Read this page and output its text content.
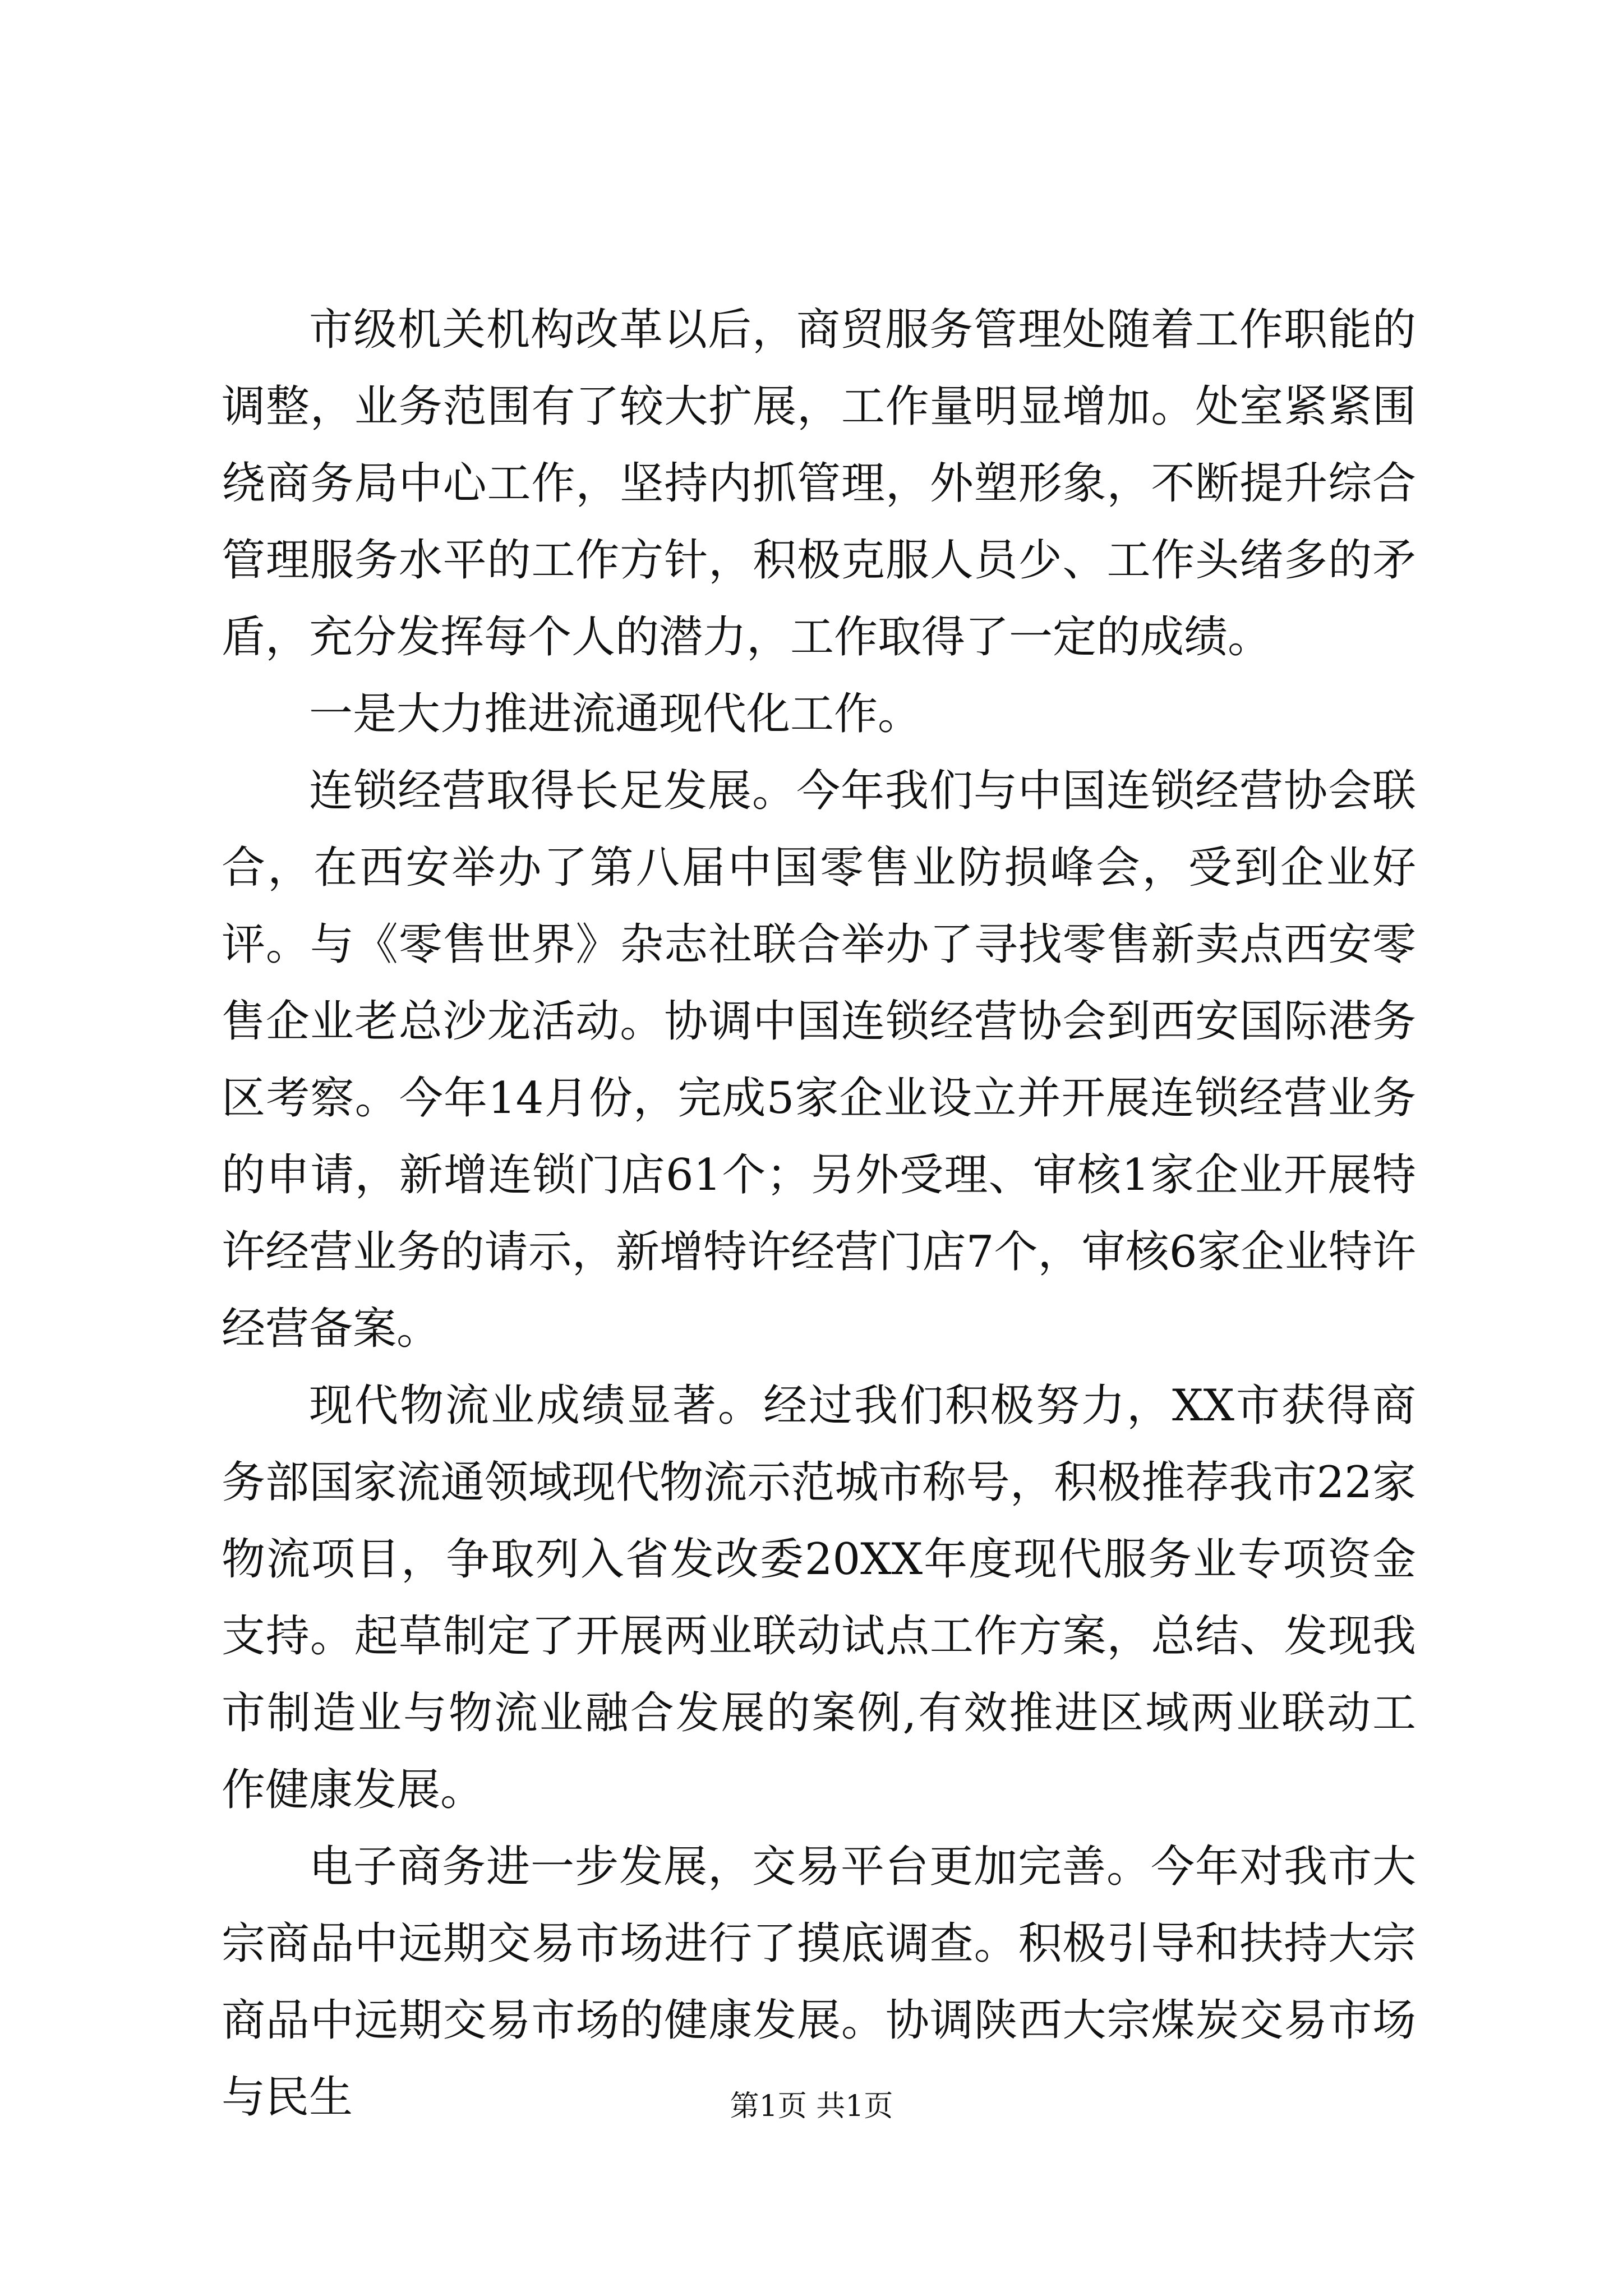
市级机关机构改革以后，商贸服务管理处随着工作职能的调整，业务范围有了较大扩展，工作量明显增加。处室紧紧围绕商务局中心工作，坚持内抓管理，外塑形象，不断提升综合管理服务水平的工作方针，积极克服人员少、工作头绪多的矛盾，充分发挥每个人的潜力，工作取得了一定的成绩。

一是大力推进流通现代化工作。

连锁经营取得长足发展。今年我们与中国连锁经营协会联合，在西安举办了第八届中国零售业防损峰会，受到企业好评。与《零售世界》杂志社联合举办了寻找零售新卖点西安零售企业老总沙龙活动。协调中国连锁经营协会到西安国际港务区考察。今年14月份，完成5家企业设立并开展连锁经营业务的申请，新增连锁门店61个；另外受理、审核1家企业开展特许经营业务的请示，新增特许经营门店7个，审核6家企业特许经营备案。

现代物流业成绩显著。经过我们积极努力，XX市获得商务部国家流通领域现代物流示范城市称号，积极推荐我市22家物流项目，争取列入省发改委20XX年度现代服务业专项资金支持。起草制定了开展两业联动试点工作方案，总结、发现我市制造业与物流业融合发展的案例,有效推进区域两业联动工作健康发展。

电子商务进一步发展，交易平台更加完善。今年对我市大宗商品中远期交易市场进行了摸底调查。积极引导和扶持大宗商品中远期交易市场的健康发展。协调陕西大宗煤炭交易市场与民生	第1页 共1页
